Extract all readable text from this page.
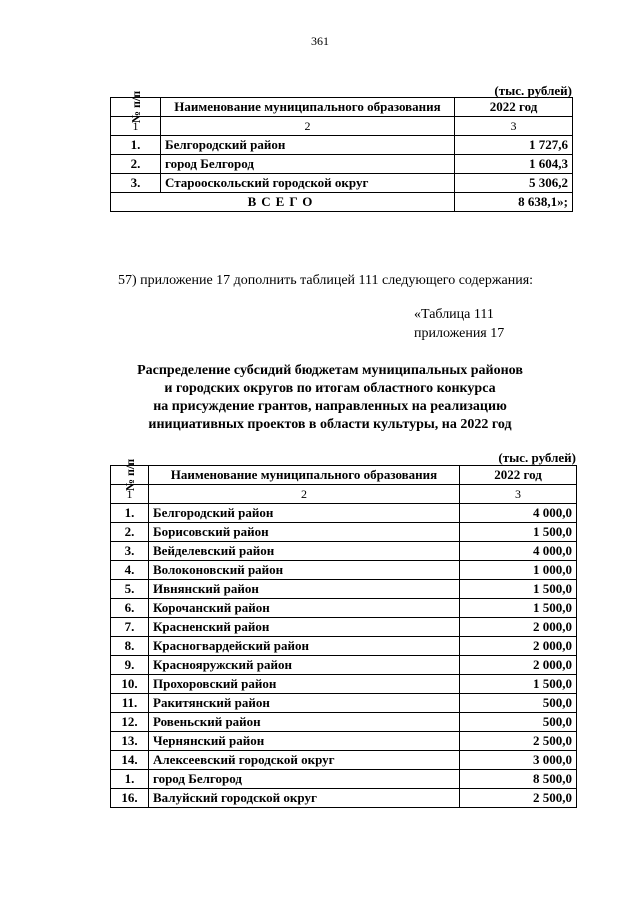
361
(тыс. рублей)
№ п/п	Наименование муниципального образования	2022 год
1	2	3
1.	Белгородский район	1 727,6
2.	город Белгород	1 604,3
3.	Старооскольский городской округ	5 306,2
ВСЕГО		8 638,1»;
57) приложение 17 дополнить таблицей 111 следующего содержания:
«Таблица 111
приложения 17
Распределение субсидий бюджетам муниципальных районов
и городских округов по итогам областного конкурса
на присуждение грантов, направленных на реализацию
инициативных проектов в области культуры, на 2022 год
(тыс. рублей)
№ п/п	Наименование муниципального образования	2022 год
1	2	3
1.	Белгородский район	4 000,0
2.	Борисовский район	1 500,0
3.	Вейделевский район	4 000,0
4.	Волоконовский район	1 000,0
5.	Ивнянский район	1 500,0
6.	Корочанский район	1 500,0
7.	Красненский район	2 000,0
8.	Красногвардейский район	2 000,0
9.	Краснояружский район	2 000,0
10.	Прохоровский район	1 500,0
11.	Ракитянский район	500,0
12.	Ровеньский район	500,0
13.	Чернянский район	2 500,0
14.	Алексеевский городской округ	3 000,0
1.	город Белгород	8 500,0
16.	Валуйский городской округ	2 500,0
